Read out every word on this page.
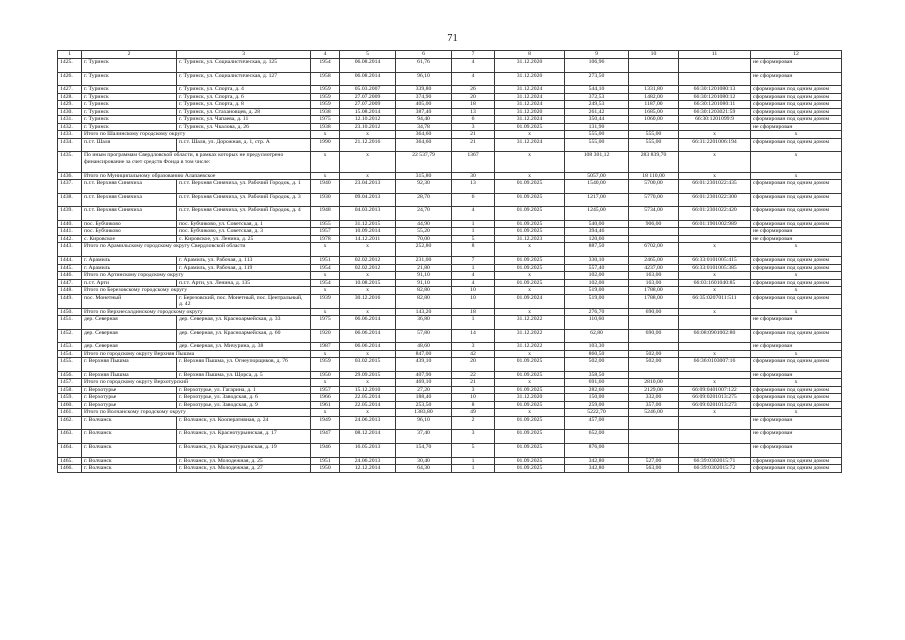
71
1	2	3	4	5	6	7	8	9	10	11	12
1425.	г. Туринск	г. Туринск, ул. Социалистическая, д. 125	1954	06.08.2014	61,76	4	31.12.2020	106,96			не сформирован
1426.	г. Туринск	г. Туринск, ул. Социалистическая, д. 127	1958	06.08.2014	96,10	4	31.12.2020	273,50			не сформирован
1427.	г. Туринск	г. Туринск, ул. Спорта, д. 4	1959	05.03.2007	339,80	26	31.12.2024	544,10	1331,80	66:30:1201080:13	сформирован под одним домом
1428.	г. Туринск	г. Туринск, ул. Спорта, д. 6	1959	27.07.2009	374,90	20	31.12.2024	372,53	1482,00	66:30:1201080:12	сформирован под одним домом
1429.	г. Туринск	г. Туринск, ул. Спорта, д. 8	1959	27.07.2009	405,00	18	31.12.2024	249,53	1187,00	66:30:1201080:11	сформирован под одним домом
1430.	г. Туринск	г. Туринск, ул. Стахановцев, д. 28	1938	15.08.2014	387,40	13	31.12.2020	261,42	1685,00	66:30:1203021:59	сформирован под одним домом
1431.	г. Туринск	г. Туринск, ул. Чапаева, д. 11	1975	12.10.2012	94,40	6	31.12.2024	350,44	1060,00	66:30:1201099:9	сформирован под одним домом
1432.	г. Туринск	г. Туринск, ул. Чкалова, д. 26	1938	23.10.2012	34,78	3	01.09.2025	131,90			не сформирован
1433.	Итого по Шалинскому городскому округу		x	x	364,60	21	x	555,00	555,00	x	x
1434.	п.г.т. Шаля	п.г.т. Шаля, ул. Дорожная, д. 1, стр. А	1990	21.12.2016	364,60	21	31.12.2024	555,00	555,00	66:31:2201006:194	сформирован под одним домом
1435.	По иным программам Свердловской области, в рамках которых не предусмотрено финансирование за счет средств Фонда в том числе:		x	x	22 537,79	1367	x	108 301,12	283 839,70	x	x
1436.	Итого по Муниципальному образованию Алапаевское		x	x	315,80	30	x	5057,00	18 110,00	x	x
1437.	п.г.т. Верхняя Синячиха	п.г.т. Верхняя Синячиха, ул. Рабочий Городок, д. 1	1940	23.04.2013	92,30	13	01.09.2025	1540,00	5700,00	66:01:2301022:435	сформирован под одним домом
1438.	п.г.т. Верхняя Синячиха	п.г.т. Верхняя Синячиха, ул. Рабочий Городок, д. 3	1930	09.04.2013	28,70	6	01.09.2025	1217,00	5770,00	66:01:2301022:300	сформирован под одним домом
1439.	п.г.т. Верхняя Синячиха	п.г.т. Верхняя Синячиха, ул. Рабочий Городок, д. 4	1948	04.03.2013	24,70	4	01.09.2025	1245,00	5734,00	66:01:2301022:420	сформирован под одним домом
1440.	пос. Бубчиково	пос. Бубчиково, ул. Советская, д. 1	1955	31.12.2015	44,90	1	01.09.2025	540,00	906,00	66:01:1901002:989	сформирован под одним домом
1441.	пос. Бубчиково	пос. Бубчиково, ул. Советская, д. 3	1957	10.09.2014	55,20	1	01.09.2025	394,46			не сформирован
1442.	с. Кировское	с. Кировское, ул. Ленина, д. 25	1978	14.12.2011	70,00	5	31.12.2023	120,60			не сформирован
1443.	Итого по Арамильскому городскому округу Свердловской области		x	x	252,80	8	x	887,50	6702,00	x	x
1444.	г. Арамиль	г. Арамиль, ул. Рабочая, д. 113	1951	02.02.2012	231,00	7	01.09.2025	330,10	2465,00	66:33:0101005:415	сформирован под одним домом
1445.	г. Арамиль	г. Арамиль, ул. Рабочая, д. 119	1954	02.02.2012	21,80	1	01.09.2025	557,40	4237,00	66:33:0101005:385	сформирован под одним домом
1446.	Итого по Артинскому городскому округу		x	x	91,10	4	x	102,00	163,00	x	x
1447.	п.г.т. Арти	п.г.т. Арти, ул. Ленина, д. 135	1954	10.08.2015	91,10	4	01.09.2025	102,00	163,00	66:03:1601040:85	сформирован под одним домом
1448.	Итого по Березовскому городскому округу		x	x	82,80	10	x	519,00	1788,00	x	x
1449.	пос. Монетный	г. Березовский, пос. Монетный, пос. Центральный, д. 42	1939	30.12.2016	82,80	10	01.09.2024	519,00	1788,00	66:35:0207011:511	сформирован под одним домом
1450.	Итого по Верхнесалдинскому городскому округу		x	x	143,20	18	x	276,70	690,00	x	x
1451.	дер. Северная	дер. Северная, ул. Красноармейская, д. 33	1975	06.06.2014	36,80	1	31.12.2022	110,60			не сформирован
1452.	дер. Северная	дер. Северная, ул. Красноармейская, д. 60	1920	06.06.2014	57,80	14	31.12.2022	62,80	690,00	66:08:0901002:80	сформирован под одним домом
1453.	дер. Северная	дер. Северная, ул. Мичурина, д. 38	1987	06.06.2014	48,60	3	31.12.2022	103,30			не сформирован
1454.	Итого по городскому округу Верхняя Пышма		x	x	847,00	42	x	860,50	502,00	x	x
1455.	г. Верхняя Пышма	г. Верхняя Пышма, ул. Огнеупорщиков, д. 76	1959	03.02.2015	439,10	20	01.09.2025	502,00	502,00	66:36:0103007:16	сформирован под одним домом
1456.	г. Верхняя Пышма	г. Верхняя Пышма, ул. Щорса, д. 5	1950	29.09.2015	407,90	22	01.09.2025	358,50			не сформирован
1457.	Итого по городскому округу Верхотурский		x	x	469,10	21	x	691,60	2810,00	x	x
1458.	г. Верхотурье	г. Верхотурье, ул. Гагарина, д. 1	1957	15.12.2010	27,20	3	01.09.2025	282,60	2129,00	66:09:0401007:122	сформирован под одним домом
1459.	г. Верхотурье	г. Верхотурье, ул. Заводская, д. 6	1966	22.05.2014	188,40	10	31.12.2020	150,00	332,00	66:09:0201013:275	сформирован под одним домом
1460.	г. Верхотурье	г. Верхотурье, ул. Заводская, д. 9	1961	22.05.2014	253,50	8	01.09.2025	259,00	357,00	66:09:0201013:273	сформирован под одним домом
1461.	Итого по Волчанскому городскому округу		x	x	1383,80	49	x	5222,70	5246,00	x	x
1462.	г. Волчанск	г. Волчанск, ул. Кооперативная, д. 24	1949	24.06.2013	96,10	2	01.09.2025	457,00			не сформирован
1463.	г. Волчанск	г. Волчанск, ул. Краснотурьинская, д. 17	1947	08.12.2014	37,40	3	01.09.2025	652,00			не сформирован
1464.	г. Волчанск	г. Волчанск, ул. Краснотурьинская, д. 19	1946	16.05.2013	154,70	5	01.09.2025	876,00			не сформирован
1465.	г. Волчанск	г. Волчанск, ул. Молодежная, д. 25	1951	24.06.2013	30,40	1	01.09.2025	342,80	527,00	66:39:0302015:71	сформирован под одним домом
1466.	г. Волчанск	г. Волчанск, ул. Молодежная, д. 27	1950	12.12.2014	64,30	1	01.09.2025	342,80	563,00	66:39:0302015:72	сформирован под одним домом
